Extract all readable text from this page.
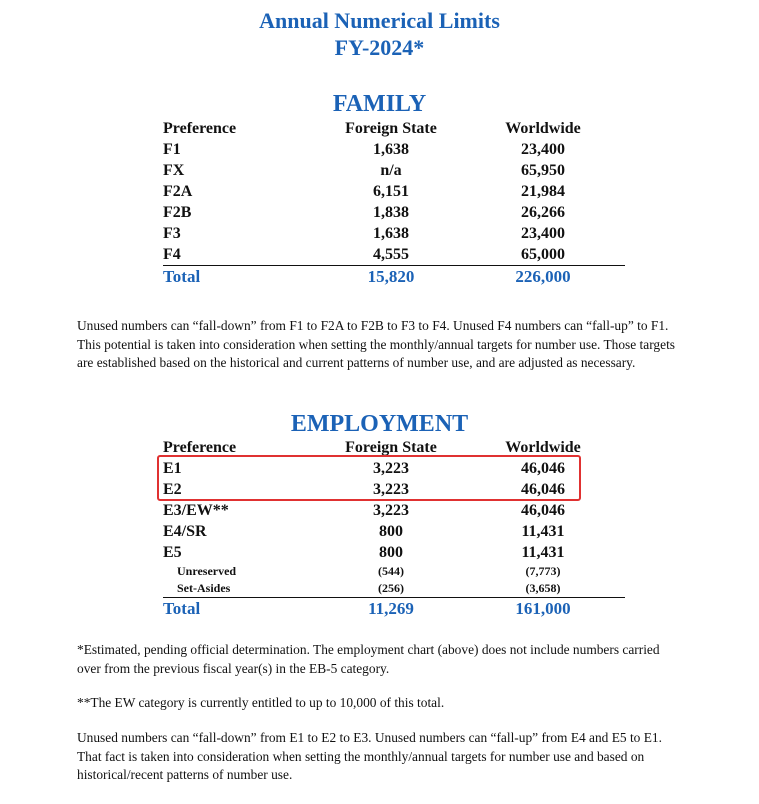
Annual Numerical Limits
FY-2024*
FAMILY
Preference	Foreign State	Worldwide
F1	1,638	23,400
FX	n/a	65,950
F2A	6,151	21,984
F2B	1,838	26,266
F3	1,638	23,400
F4	4,555	65,000
Total	15,820	226,000
Unused numbers can “fall-down” from F1 to F2A to F2B to F3 to F4. Unused F4 numbers can “fall-up” to F1. This potential is taken into consideration when setting the monthly/annual targets for number use. Those targets are established based on the historical and current patterns of number use, and are adjusted as necessary.
EMPLOYMENT
Preference	Foreign State	Worldwide
E1	3,223	46,046
E2	3,223	46,046
E3/EW**	3,223	46,046
E4/SR	800	11,431
E5	800	11,431
Unreserved	(544)	(7,773)
Set-Asides	(256)	(3,658)
Total	11,269	161,000
*Estimated, pending official determination. The employment chart (above) does not include numbers carried over from the previous fiscal year(s) in the EB-5 category.
**The EW category is currently entitled to up to 10,000 of this total.
Unused numbers can “fall-down” from E1 to E2 to E3. Unused numbers can “fall-up” from E4 and E5 to E1. That fact is taken into consideration when setting the monthly/annual targets for number use and based on historical/recent patterns of number use.
